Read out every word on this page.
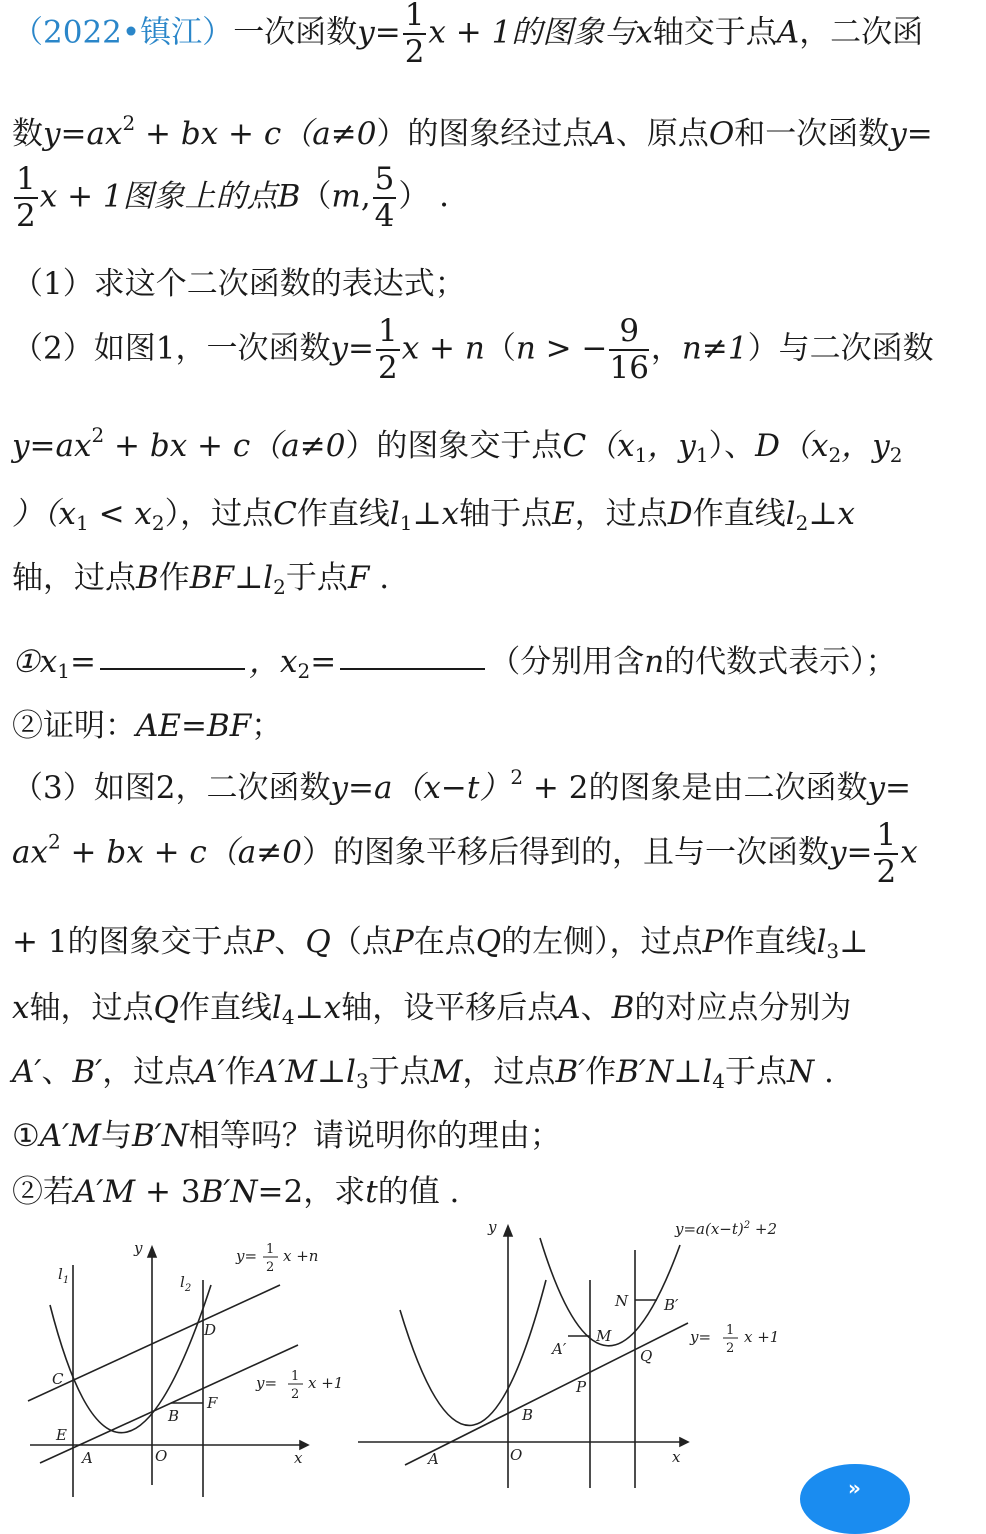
（2022•镇江）一次函数$y= \frac{1}{2}$ x + 1的图象与x轴交于点A，二次函
数$y=ax^2$ + bx + c（a≠0）的图象经过点A、原点O和一次函数y=
$\frac{1}{2}$ x + 1图象上的点B（m, $\frac{5}{4}$ ） ．
（1）求这个二次函数的表达式；
（2）如图1，一次函数$y= \frac{1}{2}$ x + n（n > − $\frac{9}{16}$ ，n≠1）与二次函数
$y=ax^2$ + bx + c（a≠0）的图象交于点$C(x_1$，$y_1$）、$D(x_2$，$y_2$
）$(x_1 < x_2)$，过点C作直线$l_1\perp x$轴于点E，过点D作直线$l_2\perp x$
轴，过点B作$BF\perp l_2$于点F .
$①x_1=$	，$x_2=$	（分别用含n的代数式表示）；
②证明：AE=BF；
（3）如图2，二次函数$y=a(x-t)^2 + 2$的图象是由二次函数y=
$ax^2$ + bx + c（a≠0）的图象平移后得到的，且与一次函数$y= \frac{1}{2}$ x
+ 1的图象交于点P、Q（点P在点Q的左侧），过点P作直线$l_3\perp$
x轴，过点Q作直线$l_4\perp x$轴，设平移后点A、B的对应点分别为
A′、B′，过点A′作$A'M\perp l_3$于点M，过点B′作$B'N\perp l_4$于点N .
①A′M与B′N相等吗？请说明你的理由；
②若A′M + 3B′N=2，求t的值 .
y
x
$l_1$	$l_2$
y= 1
2
x +n
y= 1
2
x +1
C
D
E
A	O
B
F
y
x
$y=a(x-t)^2 +2$
y= 1
2
x +1
N B′
A′
M
Q
P
B
A	O
»
